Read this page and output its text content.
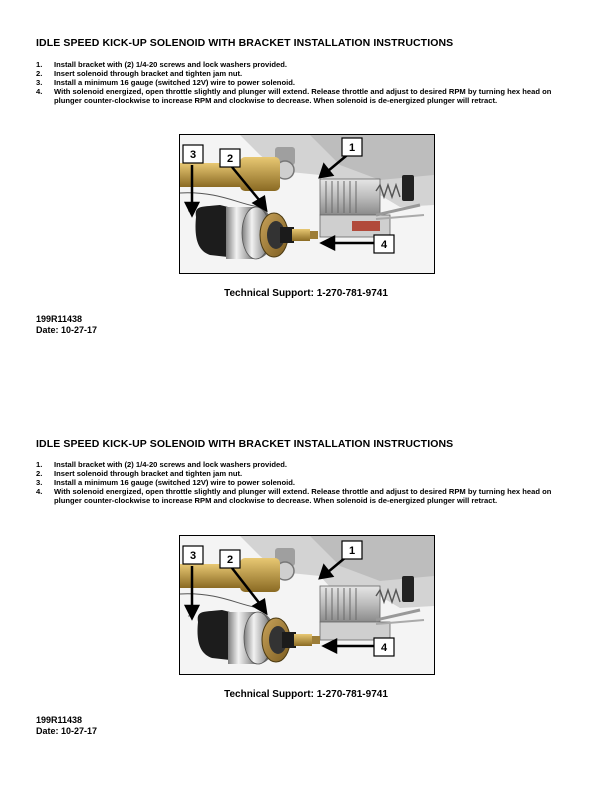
IDLE SPEED KICK-UP SOLENOID WITH BRACKET INSTALLATION INSTRUCTIONS
1.	Install bracket with (2) 1/4-20 screws and lock washers provided.
2.	Insert solenoid through bracket and tighten jam nut.
3.	Install a minimum 16 gauge (switched 12V) wire to power solenoid.
4.	With solenoid energized, open throttle slightly and plunger will extend. Release throttle and adjust to desired RPM by turning hex head on plunger counter-clockwise to increase RPM and clockwise to decrease. When solenoid is de-energized plunger will retract.
1
2
3
4
Technical Support: 1-270-781-9741
199R11438
Date: 10-27-17
IDLE SPEED KICK-UP SOLENOID WITH BRACKET INSTALLATION INSTRUCTIONS
1.	Install bracket with (2) 1/4-20 screws and lock washers provided.
2.	Insert solenoid through bracket and tighten jam nut.
3.	Install a minimum 16 gauge (switched 12V) wire to power solenoid.
4.	With solenoid energized, open throttle slightly and plunger will extend. Release throttle and adjust to desired RPM by turning hex head on plunger counter-clockwise to increase RPM and clockwise to decrease. When solenoid is de-energized plunger will retract.
1
2
3
4
Technical Support: 1-270-781-9741
199R11438
Date: 10-27-17
